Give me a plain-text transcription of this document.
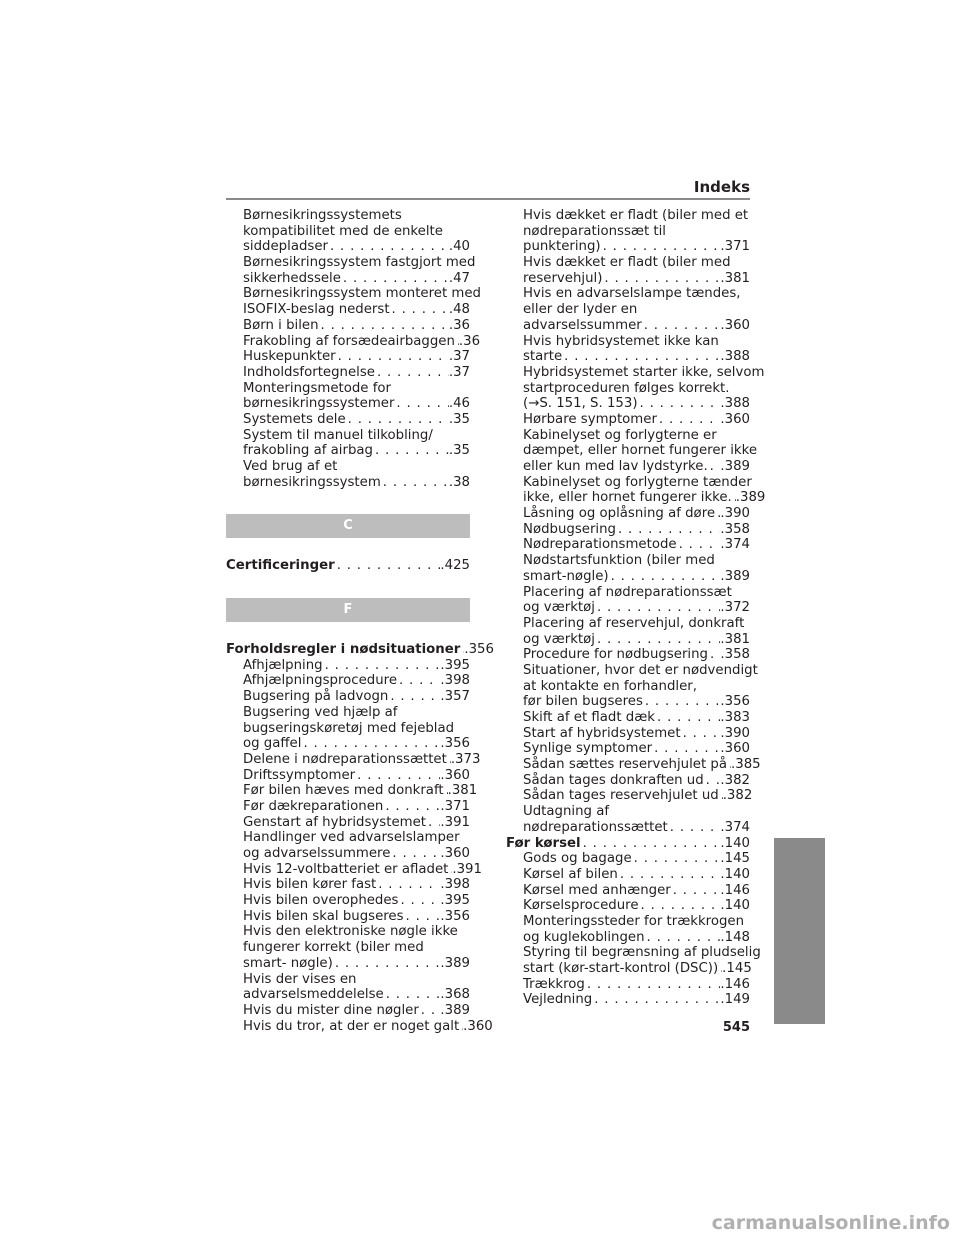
Indeks
Børnesikringssystemets
kompatibilitet med de enkelte
siddepladser . . .	.40
Børnesikringssystem fastgjort med
sikkerhedssele . . .	.47
Børnesikringssystem monteret med
ISOFIX-beslag nederst . . .	.48
Børn i bilen . . .	.36
Frakobling af forsædeairbaggen . . . .36
Huskepunkter . . .	.37
Indholdsfortegnelse . . .	.37
Monteringsmetode for
børnesikringssystemer . . .	.46
Systemets dele . . .	.35
System til manuel tilkobling/
frakobling af airbag . . .	.35
Ved brug af et
børnesikringssystem . . .	.38
C
Certificeringer . . .	.425
F
Forholdsregler i nødsituationer . . . .356
Afhjælpning . . .	.395
Afhjælpningsprocedure . . .	.398
Bugsering på ladvogn . . .	.357
Bugsering ved hjælp af
bugseringskøretøj med fejeblad
og gaffel . . .	.356
Delene i nødreparationssættet . . . .373
Driftssymptomer . . .	.360
Før bilen hæves med donkraft . . . .381
Før dækreparationen . . .	.371
Genstart af hybridsystemet . . . .391
Handlinger ved advarselslamper
og advarselssummere . . .	.360
Hvis 12-voltbatteriet er afladet . . . .391
Hvis bilen kører fast . . .	.398
Hvis bilen overophedes . . .	.395
Hvis bilen skal bugseres . . .	.356
Hvis den elektroniske nøgle ikke
fungerer korrekt (biler med
smart- nøgle) . . .	.389
Hvis der vises en
advarselsmeddelelse . . .	.368
Hvis du mister dine nøgler . . . .389
Hvis du tror, at der er noget galt . . . .360
Hvis dækket er fladt (biler med et
nødreparationssæt til
punktering) . . .	.371
Hvis dækket er fladt (biler med
reservehjul) . . .	.381
Hvis en advarselslampe tændes,
eller der lyder en
advarselssummer . . .	.360
Hvis hybridsystemet ikke kan
starte . . .	.388
Hybridsystemet starter ikke, selvom
startproceduren følges korrekt.
(→S. 151, S. 153) . . .	.388
Hørbare symptomer . . .	.360
Kabinelyset og forlygterne er
dæmpet, eller hornet fungerer ikke
eller kun med lav lydstyrke. . . . .389
Kabinelyset og forlygterne tænder
ikke, eller hornet fungerer ikke. . . . .389
Låsning og oplåsning af døre . . . .390
Nødbugsering . . .	.358
Nødreparationsmetode . . .	.374
Nødstartsfunktion (biler med
smart-nøgle) . . .	.389
Placering af nødreparationssæt
og værktøj . . .	.372
Placering af reservehjul, donkraft
og værktøj . . .	.381
Procedure for nødbugsering . . . .358
Situationer, hvor det er nødvendigt
at kontakte en forhandler,
før bilen bugseres . . .	.356
Skift af et fladt dæk . . .	.383
Start af hybridsystemet . . .	.390
Synlige symptomer . . .	.360
Sådan sættes reservehjulet på . . . .385
Sådan tages donkraften ud . . . .382
Sådan tages reservehjulet ud . . . .382
Udtagning af
nødreparationssættet . . .	.374
Før kørsel . . .	.140
Gods og bagage . . .	.145
Kørsel af bilen . . .	.140
Kørsel med anhænger . . .	.146
Kørselsprocedure . . .	.140
Monteringssteder for trækkrogen
og kuglekoblingen . . .	.148
Styring til begrænsning af pludselig
start (kør-start-kontrol (DSC)) . . . .145
Trækkrog . . .	.146
Vejledning . . .	.149
545
carmanualsonline.info
